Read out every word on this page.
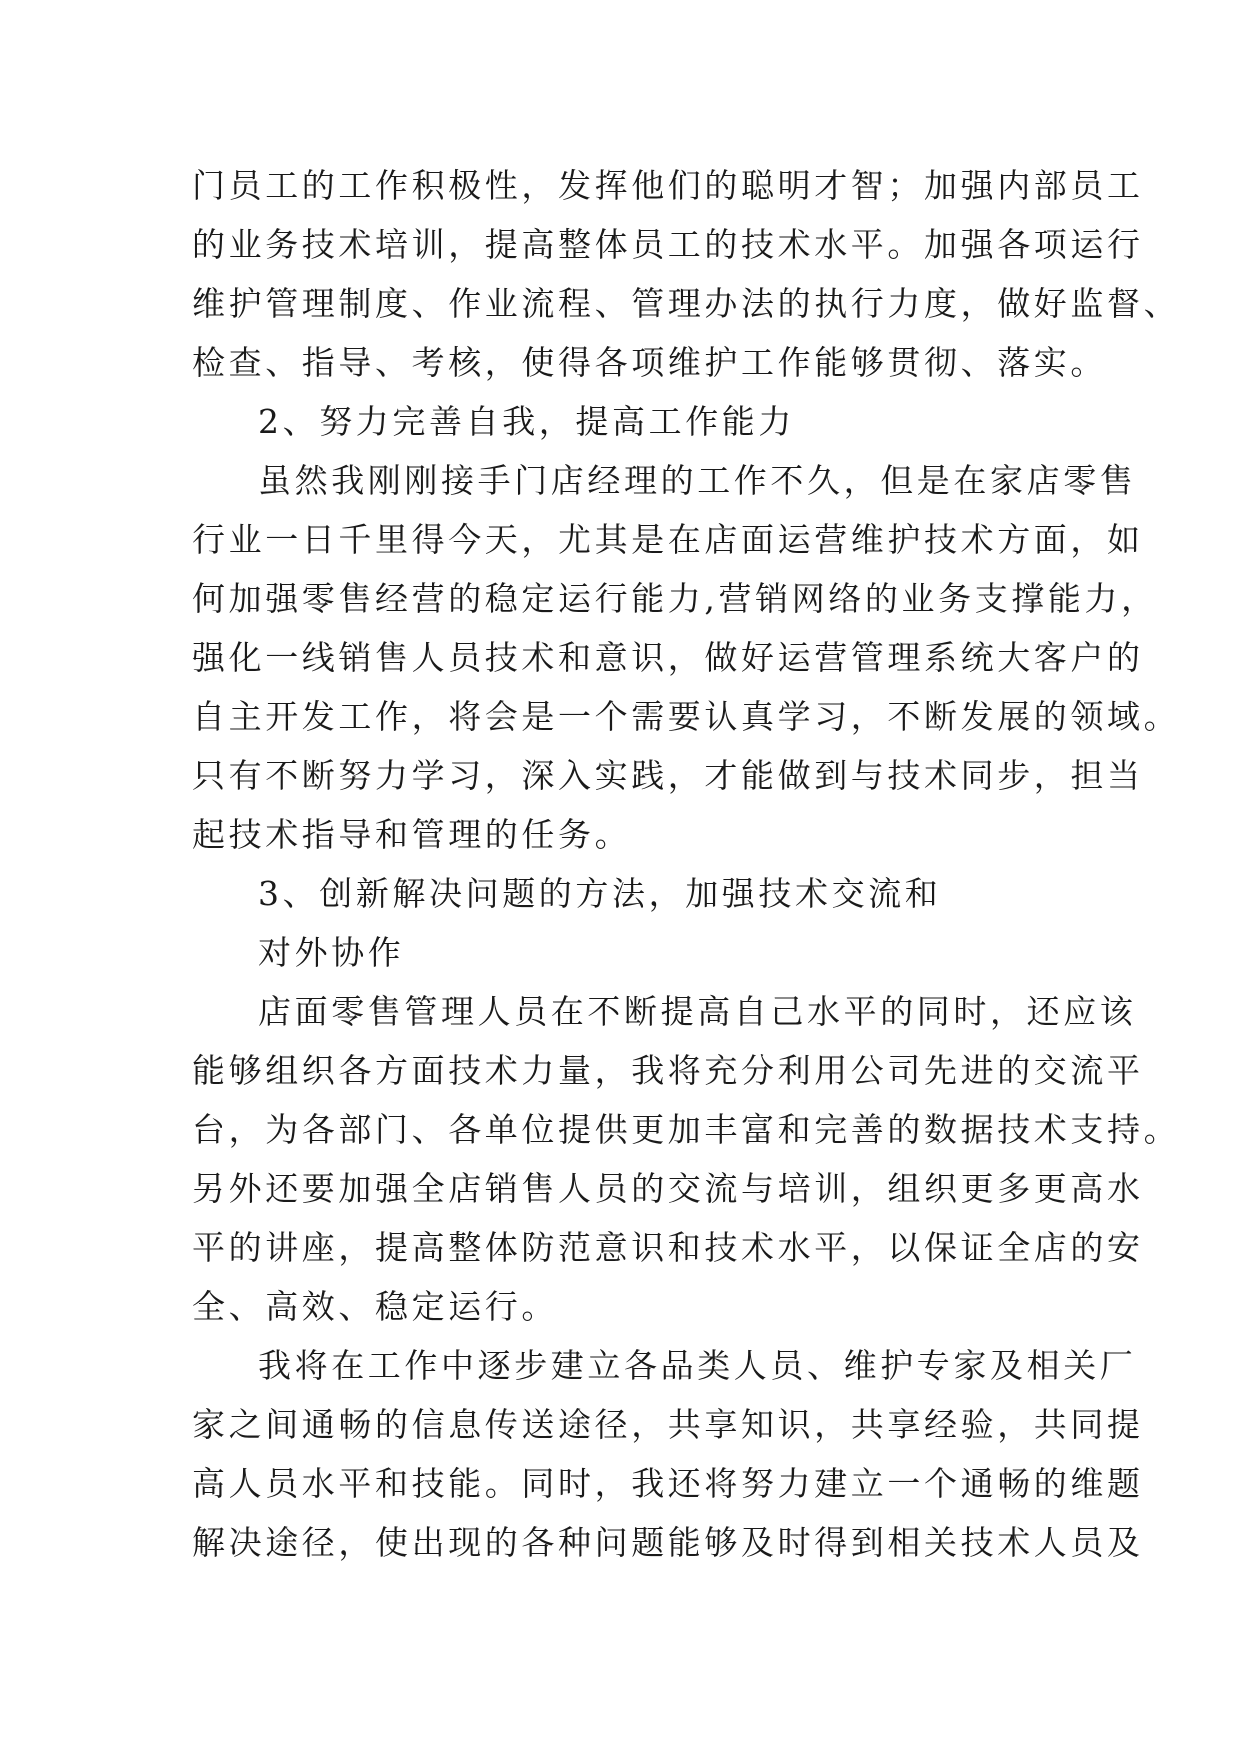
门员工的工作积极性，发挥他们的聪明才智；加强内部员工
的业务技术培训，提高整体员工的技术水平。加强各项运行
维护管理制度、作业流程、管理办法的执行力度，做好监督、
检查、指导、考核，使得各项维护工作能够贯彻、落实。
2、努力完善自我，提高工作能力
虽然我刚刚接手门店经理的工作不久，但是在家店零售
行业一日千里得今天，尤其是在店面运营维护技术方面，如
何加强零售经营的稳定运行能力,营销网络的业务支撑能力，
强化一线销售人员技术和意识，做好运营管理系统大客户的
自主开发工作，将会是一个需要认真学习，不断发展的领域。
只有不断努力学习，深入实践，才能做到与技术同步，担当
起技术指导和管理的任务。
3、创新解决问题的方法，加强技术交流和
对外协作
店面零售管理人员在不断提高自己水平的同时，还应该
能够组织各方面技术力量，我将充分利用公司先进的交流平
台，为各部门、各单位提供更加丰富和完善的数据技术支持。
另外还要加强全店销售人员的交流与培训，组织更多更高水
平的讲座，提高整体防范意识和技术水平，以保证全店的安
全、高效、稳定运行。
我将在工作中逐步建立各品类人员、维护专家及相关厂
家之间通畅的信息传送途径，共享知识，共享经验，共同提
高人员水平和技能。同时，我还将努力建立一个通畅的维题
解决途径，使出现的各种问题能够及时得到相关技术人员及
